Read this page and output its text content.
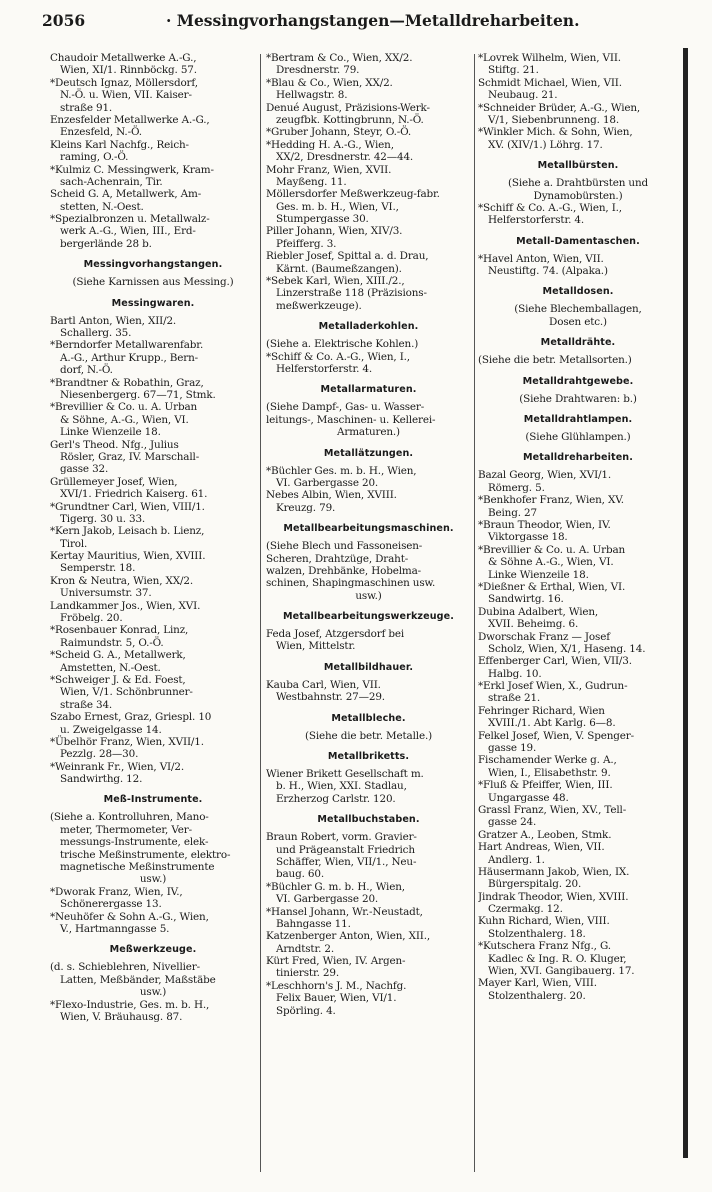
2056	· Messingvorhangstangen—Metalldreharbeiten.
Chaudoir Metallwerke A.-G.,
Wien, XI/1. Rinnböckg. 57.
*Deutsch Ignaz, Möllersdorf,
N.-Ö. u. Wien, VII. Kaiser-
straße 91.
Enzesfelder Metallwerke A.-G.,
Enzesfeld, N.-Ö.
Kleins Karl Nachfg., Reich-
raming, O.-Ö.
*Kulmiz C. Messingwerk, Kram-
sach-Achenrain, Tir.
Scheid G. A, Metallwerk, Am-
stetten, N.-Oest.
*Spezialbronzen u. Metallwalz-
werk A.-G., Wien, III., Erd-
bergerlände 28 b.
Messingvorhangstangen.
(Siehe Karnissen aus Messing.)
Messingwaren.
Bartl Anton, Wien, XII/2.
Schallerg. 35.
*Berndorfer Metallwarenfabr.
A.-G., Arthur Krupp., Bern-
dorf, N.-Ö.
*Brandtner & Robathin, Graz,
Niesenbergerg. 67—71, Stmk.
*Brevillier & Co. u. A. Urban
& Söhne, A.-G., Wien, VI.
Linke Wienzeile 18.
Gerl's Theod. Nfg., Julius
Rösler, Graz, IV. Marschall-
gasse 32.
Grüllemeyer Josef, Wien,
XVI/1. Friedrich Kaiserg. 61.
*Grundtner Carl, Wien, VIII/1.
Tigerg. 30 u. 33.
*Kern Jakob, Leisach b. Lienz,
Tirol.
Kertay Mauritius, Wien, XVIII.
Semperstr. 18.
Kron & Neutra, Wien, XX/2.
Universumstr. 37.
Landkammer Jos., Wien, XVI.
Fröbelg. 20.
*Rosenbauer Konrad, Linz,
Raimundstr. 5, O.-Ö.
*Scheid G. A., Metallwerk,
Amstetten, N.-Oest.
*Schweiger J. & Ed. Foest,
Wien, V/1. Schönbrunner-
straße 34.
Szabo Ernest, Graz, Griespl. 10
u. Zweigelgasse 14.
*Übelhör Franz, Wien, XVII/1.
Pezzlg. 28—30.
*Weinrank Fr., Wien, VI/2.
Sandwirthg. 12.
Meß-Instrumente.
(Siehe a. Kontrolluhren, Mano-
meter, Thermometer, Ver-
messungs-Instrumente, elek-
trische Meßinstrumente, elektro-
magnetische Meßinstrumente
usw.)
*Dworak Franz, Wien, IV.,
Schönerergasse 13.
*Neuhöfer & Sohn A.-G., Wien,
V., Hartmanngasse 5.
Meßwerkzeuge.
(d. s. Schieblehren, Nivellier-
Latten, Meßbänder, Maßstäbe
usw.)
*Flexo-Industrie, Ges. m. b. H.,
Wien, V. Bräuhausg. 87.
*Bertram & Co., Wien, XX/2.
Dresdnerstr. 79.
*Blau & Co., Wien, XX/2.
Hellwagstr. 8.
Denué August, Präzisions-Werk-
zeugfbk. Kottingbrunn, N.-Ö.
*Gruber Johann, Steyr, O.-Ö.
*Hedding H. A.-G., Wien,
XX/2, Dresdnerstr. 42—44.
Mohr Franz, Wien, XVII.
Mayßeng. 11.
Möllersdorfer Meßwerkzeug-fabr.
Ges. m. b. H., Wien, VI.,
Stumpergasse 30.
Piller Johann, Wien, XIV/3.
Pfeifferg. 3.
Riebler Josef, Spittal a. d. Drau,
Kärnt. (Baumeßzangen).
*Sebek Karl, Wien, XIII./2.,
Linzerstraße 118 (Präzisions-
meßwerkzeuge).
Metalladerkohlen.
(Siehe a. Elektrische Kohlen.)
*Schiff & Co. A.-G., Wien, I.,
Helferstorferstr. 4.
Metallarmaturen.
(Siehe Dampf-, Gas- u. Wasser-
leitungs-, Maschinen- u. Kellerei-
Armaturen.)
Metallätzungen.
*Büchler Ges. m. b. H., Wien,
VI. Garbergasse 20.
Nebes Albin, Wien, XVIII.
Kreuzg. 79.
Metallbearbeitungsmaschinen.
(Siehe Blech und Fassoneisen-
Scheren, Drahtzüge, Draht-
walzen, Drehbänke, Hobelma-
schinen, Shapingmaschinen usw.
usw.)
Metallbearbeitungswerkzeuge.
Feda Josef, Atzgersdorf bei
Wien, Mittelstr.
Metallbildhauer.
Kauba Carl, Wien, VII.
Westbahnstr. 27—29.
Metallbleche.
(Siehe die betr. Metalle.)
Metallbriketts.
Wiener Brikett Gesellschaft m.
b. H., Wien, XXI. Stadlau,
Erzherzog Carlstr. 120.
Metallbuchstaben.
Braun Robert, vorm. Gravier-
und Prägeanstalt Friedrich
Schäffer, Wien, VII/1., Neu-
baug. 60.
*Büchler G. m. b. H., Wien,
VI. Garbergasse 20.
*Hansel Johann, Wr.-Neustadt,
Bahngasse 11.
Katzenberger Anton, Wien, XII.,
Arndtstr. 2.
Kürt Fred, Wien, IV. Argen-
tinierstr. 29.
*Leschhorn's J. M., Nachfg.
Felix Bauer, Wien, VI/1.
Spörling. 4.
*Lovrek Wilhelm, Wien, VII.
Stiftg. 21.
Schmidt Michael, Wien, VII.
Neubaug. 21.
*Schneider Brüder, A.-G., Wien,
V/1, Siebenbrunneng. 18.
*Winkler Mich. & Sohn, Wien,
XV. (XIV/1.) Löhrg. 17.
Metallbürsten.
(Siehe a. Drahtbürsten und
Dynamobürsten.)
*Schiff & Co. A.-G., Wien, I.,
Helferstorferstr. 4.
Metall-Damentaschen.
*Havel Anton, Wien, VII.
Neustiftg. 74. (Alpaka.)
Metalldosen.
(Siehe Blechemballagen,
Dosen etc.)
Metalldrähte.
(Siehe die betr. Metallsorten.)
Metalldrahtgewebe.
(Siehe Drahtwaren: b.)
Metalldrahtlampen.
(Siehe Glühlampen.)
Metalldreharbeiten.
Bazal Georg, Wien, XVI/1.
Römerg. 5.
*Benkhofer Franz, Wien, XV.
Being. 27
*Braun Theodor, Wien, IV.
Viktorgasse 18.
*Brevillier & Co. u. A. Urban
& Söhne A.-G., Wien, VI.
Linke Wienzeile 18.
*Dießner & Erthal, Wien, VI.
Sandwirtg. 16.
Dubina Adalbert, Wien,
XVII. Beheimg. 6.
Dworschak Franz — Josef
Scholz, Wien, X/1, Haseng. 14.
Effenberger Carl, Wien, VII/3.
Halbg. 10.
*Erkl Josef Wien, X., Gudrun-
straße 21.
Fehringer Richard, Wien
XVIII./1. Abt Karlg. 6—8.
Felkel Josef, Wien, V. Spenger-
gasse 19.
Fischamender Werke g. A.,
Wien, I., Elisabethstr. 9.
*Fluß & Pfeiffer, Wien, III.
Ungargasse 48.
Grassl Franz, Wien, XV., Tell-
gasse 24.
Gratzer A., Leoben, Stmk.
Hart Andreas, Wien, VII.
Andlerg. 1.
Häusermann Jakob, Wien, IX.
Bürgerspitalg. 20.
Jindrak Theodor, Wien, XVIII.
Czermakg. 12.
Kuhn Richard, Wien, VIII.
Stolzenthalerg. 18.
*Kutschera Franz Nfg., G.
Kadlec & Ing. R. O. Kluger,
Wien, XVI. Gangibauerg. 17.
Mayer Karl, Wien, VIII.
Stolzenthalerg. 20.
